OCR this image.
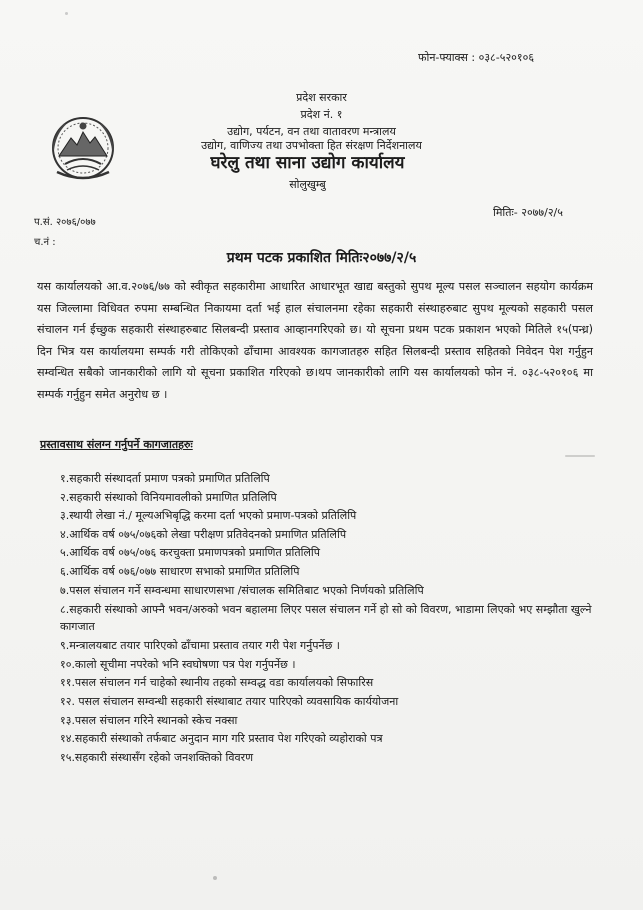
फोन-फ्याक्स : ०३८-५२०१०६
प्रदेश सरकार
प्रदेश नं. १
उद्योग, पर्यटन, वन तथा वातावरण मन्त्रालय
उद्योग, वाणिज्य तथा उपभोक्ता हित संरक्षण निर्देशनालय
घरेलु तथा साना उद्योग कार्यालय
सोलुखुम्बु
मितिः- २०७७/२/५
प.सं. २०७६/०७७
च.नं :
प्रथम पटक प्रकाशित मितिः२०७७/२/५
यस कार्यालयको आ.व.२०७६/७७ को स्वीकृत सहकारीमा आधारित आधारभूत खाद्य बस्तुको सुपथ मूल्य पसल सञ्चालन सहयोग कार्यक्रम यस जिल्लामा विधिवत रुपमा सम्बन्धित निकायमा दर्ता भई हाल संचालनमा रहेका सहकारी संस्थाहरुबाट सुपथ मूल्यको सहकारी पसल संचालन गर्न ईच्छुक सहकारी संस्थाहरुबाट सिलबन्दी प्रस्ताव आव्हानगरिएको छ। यो सूचना प्रथम पटक प्रकाशन भएको मितिले १५(पन्ध्र) दिन भित्र यस कार्यालयमा सम्पर्क गरी तोकिएको ढाँचामा आवश्यक कागजातहरु सहित सिलबन्दी प्रस्ताव सहितको निवेदन पेश गर्नुहुन सम्वन्धित सबैको जानकारीको लागि यो सूचना प्रकाशित गरिएको छ।थप जानकारीको लागि यस कार्यालयको फोन नं. ०३८-५२०१०६ मा सम्पर्क गर्नुहुन समेत अनुरोध छ ।
प्रस्तावसाथ संलग्न गर्नुपर्ने कागजातहरुः
१.सहकारी संस्थादर्ता प्रमाण पत्रको प्रमाणित प्रतिलिपि
२.सहकारी संस्थाको विनियमावलीको प्रमाणित प्रतिलिपि
३.स्थायी लेखा नं./ मूल्यअभिबृद्धि करमा दर्ता भएको प्रमाण-पत्रको प्रतिलिपि
४.आर्थिक वर्ष ०७५/०७६को लेखा परीक्षण प्रतिवेदनको प्रमाणित प्रतिलिपि
५.आर्थिक वर्ष ०७५/०७६ करचुक्ता प्रमाणपत्रको प्रमाणित प्रतिलिपि
६.आर्थिक वर्ष ०७६/०७७ साधारण सभाको प्रमाणित प्रतिलिपि
७.पसल संचालन गर्ने सम्वन्धमा साधारणसभा /संचालक समितिबाट भएको निर्णयको प्रतिलिपि
८.सहकारी संस्थाको आफ्नै भवन/अरुको भवन बहालमा लिएर पसल संचालन गर्ने हो सो को विवरण, भाडामा लिएको भए सम्झौता खुल्ने कागजात
९.मन्त्रालयबाट तयार पारिएको ढाँचामा प्रस्ताव तयार गरी पेश गर्नुपर्नेछ ।
१०.कालो सूचीमा नपरेको भनि स्वघोषणा पत्र पेश गर्नुपर्नेछ ।
११.पसल संचालन गर्न चाहेको स्थानीय तहको सम्वद्ध वडा कार्यालयको सिफारिस
१२. पसल संचालन सम्वन्धी सहकारी संस्थाबाट तयार पारिएको व्यवसायिक कार्ययोजना
१३.पसल संचालन गरिने स्थानको स्केच नक्सा
१४.सहकारी संस्थाको तर्फबाट अनुदान माग गरि प्रस्ताव पेश गरिएको व्यहोराको पत्र
१५.सहकारी संस्थासँग रहेको जनशक्तिको विवरण
